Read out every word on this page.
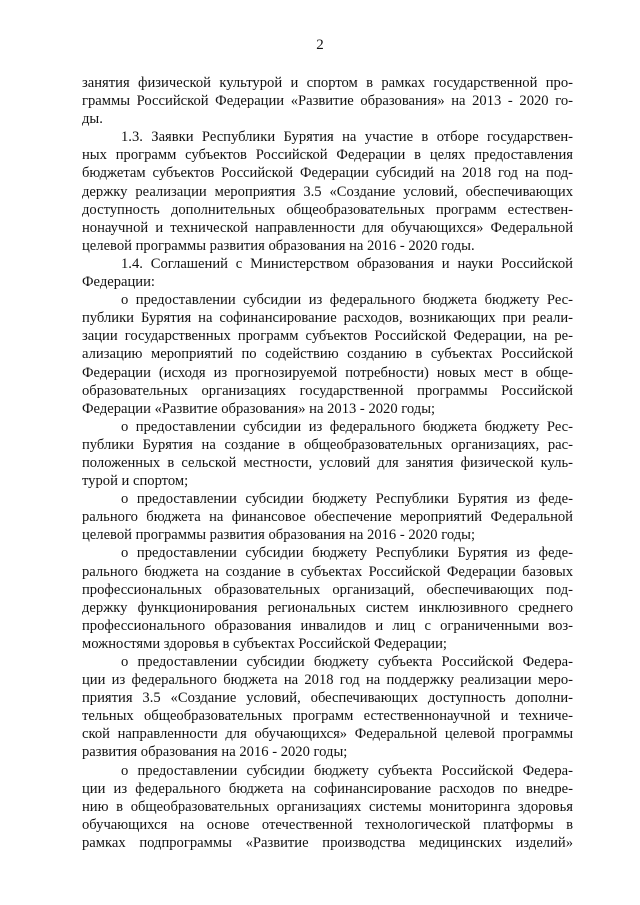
2
занятия физической культурой и спортом в рамках государственной про-
граммы Российской Федерации «Развитие образования» на 2013 - 2020 го-
ды.
1.3. Заявки Республики Бурятия на участие в отборе государствен-
ных программ субъектов Российской Федерации в целях предоставления
бюджетам субъектов Российской Федерации субсидий на 2018 год на под-
держку реализации мероприятия 3.5 «Создание условий, обеспечивающих
доступность дополнительных общеобразовательных программ естествен-
нонаучной и технической направленности для обучающихся» Федеральной
целевой программы развития образования на 2016 - 2020 годы.
1.4. Соглашений с Министерством образования и науки Российской
Федерации:
о предоставлении субсидии из федерального бюджета бюджету Рес-
публики Бурятия на софинансирование расходов, возникающих при реали-
зации государственных программ субъектов Российской Федерации, на ре-
ализацию мероприятий по содействию созданию в субъектах Российской
Федерации (исходя из прогнозируемой потребности) новых мест в обще-
образовательных организациях государственной программы Российской
Федерации «Развитие образования» на 2013 - 2020 годы;
о предоставлении субсидии из федерального бюджета бюджету Рес-
публики Бурятия на создание в общеобразовательных организациях, рас-
положенных в сельской местности, условий для занятия физической куль-
турой и спортом;
о предоставлении субсидии бюджету Республики Бурятия из феде-
рального бюджета на финансовое обеспечение мероприятий Федеральной
целевой программы развития образования на 2016 - 2020 годы;
о предоставлении субсидии бюджету Республики Бурятия из феде-
рального бюджета на создание в субъектах Российской Федерации базовых
профессиональных образовательных организаций, обеспечивающих под-
держку функционирования региональных систем инклюзивного среднего
профессионального образования инвалидов и лиц с ограниченными воз-
можностями здоровья в субъектах Российской Федерации;
о предоставлении субсидии бюджету субъекта Российской Федера-
ции из федерального бюджета на 2018 год на поддержку реализации меро-
приятия 3.5 «Создание условий, обеспечивающих доступность дополни-
тельных общеобразовательных программ естественнонаучной и техниче-
ской направленности для обучающихся» Федеральной целевой программы
развития образования на 2016 - 2020 годы;
о предоставлении субсидии бюджету субъекта Российской Федера-
ции из федерального бюджета на софинансирование расходов по внедре-
нию в общеобразовательных организациях системы мониторинга здоровья
обучающихся на основе отечественной технологической платформы в
рамках подпрограммы «Развитие производства медицинских изделий»
